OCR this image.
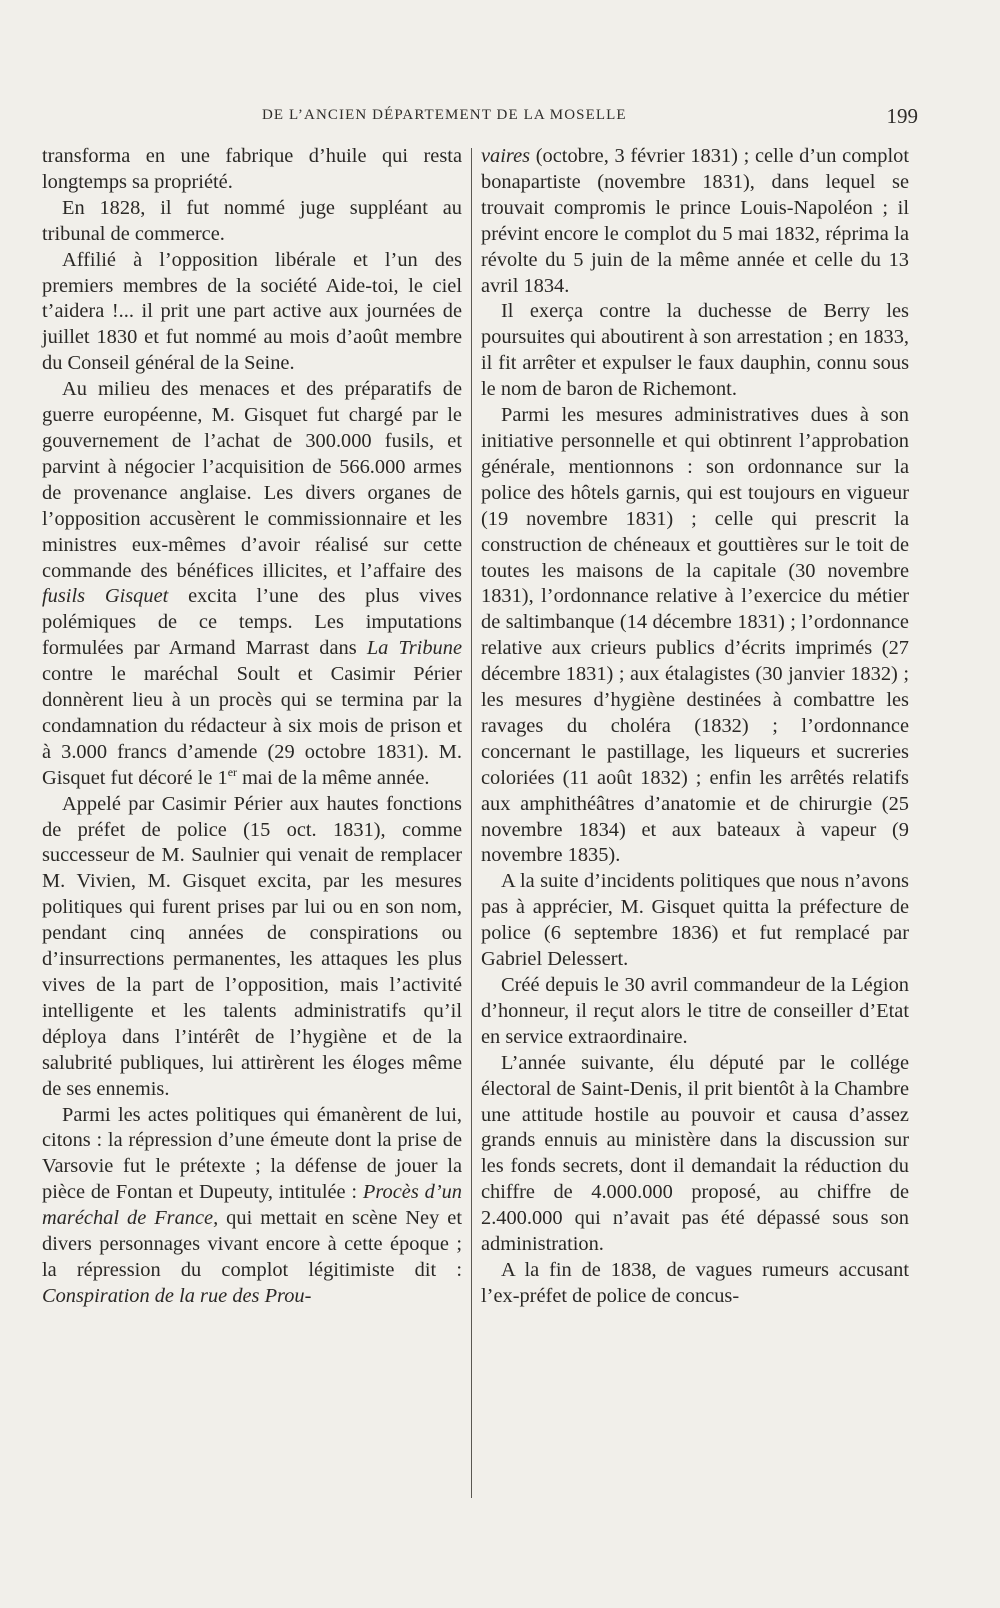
DE L’ANCIEN DÉPARTEMENT DE LA MOSELLE	199

transforma en une fabrique d’huile qui resta longtemps sa propriété.

En 1828, il fut nommé juge suppléant au tribunal de commerce.

Affilié à l’opposition libérale et l’un des premiers membres de la société Aide-toi, le ciel t’aidera !... il prit une part active aux journées de juillet 1830 et fut nommé au mois d’août membre du Conseil général de la Seine.

Au milieu des menaces et des préparatifs de guerre européenne, M. Gisquet fut chargé par le gouvernement de l’achat de 300.000 fusils, et parvint à négocier l’acquisition de 566.000 armes de provenance anglaise. Les divers organes de l’opposition accusèrent le commissionnaire et les ministres eux-mêmes d’avoir réalisé sur cette commande des bénéfices illicites, et l’affaire des fusils Gisquet excita l’une des plus vives polémiques de ce temps. Les imputations formulées par Armand Marrast dans La Tribune contre le maréchal Soult et Casimir Périer donnèrent lieu à un procès qui se termina par la condamnation du rédacteur à six mois de prison et à 3.000 francs d’amende (29 octobre 1831). M. Gisquet fut décoré le 1er mai de la même année.

Appelé par Casimir Périer aux hautes fonctions de préfet de police (15 oct. 1831), comme successeur de M. Saulnier qui venait de remplacer M. Vivien, M. Gisquet excita, par les mesures politiques qui furent prises par lui ou en son nom, pendant cinq années de conspirations ou d’insurrections permanentes, les attaques les plus vives de la part de l’opposition, mais l’activité intelligente et les talents administratifs qu’il déploya dans l’intérêt de l’hygiène et de la salubrité publiques, lui attirèrent les éloges même de ses ennemis.

Parmi les actes politiques qui émanèrent de lui, citons : la répression d’une émeute dont la prise de Varsovie fut le prétexte ; la défense de jouer la pièce de Fontan et Dupeuty, intitulée : Procès d’un maréchal de France, qui mettait en scène Ney et divers personnages vivant encore à cette époque ; la répression du complot légitimiste dit : Conspiration de la rue des Prou-

vaires (octobre, 3 février 1831) ; celle d’un complot bonapartiste (novembre 1831), dans lequel se trouvait compromis le prince Louis-Napoléon ; il prévint encore le complot du 5 mai 1832, réprima la révolte du 5 juin de la même année et celle du 13 avril 1834.

Il exerça contre la duchesse de Berry les poursuites qui aboutirent à son arrestation ; en 1833, il fit arrêter et expulser le faux dauphin, connu sous le nom de baron de Richemont.

Parmi les mesures administratives dues à son initiative personnelle et qui obtinrent l’approbation générale, mentionnons : son ordonnance sur la police des hôtels garnis, qui est toujours en vigueur (19 novembre 1831) ; celle qui prescrit la construction de chéneaux et gouttières sur le toit de toutes les maisons de la capitale (30 novembre 1831), l’ordonnance relative à l’exercice du métier de saltimbanque (14 décembre 1831) ; l’ordonnance relative aux crieurs publics d’écrits imprimés (27 décembre 1831) ; aux étalagistes (30 janvier 1832) ; les mesures d’hygiène destinées à combattre les ravages du choléra (1832) ; l’ordonnance concernant le pastillage, les liqueurs et sucreries coloriées (11 août 1832) ; enfin les arrêtés relatifs aux amphithéâtres d’anatomie et de chirurgie (25 novembre 1834) et aux bateaux à vapeur (9 novembre 1835).

A la suite d’incidents politiques que nous n’avons pas à apprécier, M. Gisquet quitta la préfecture de police (6 septembre 1836) et fut remplacé par Gabriel Delessert.

Créé depuis le 30 avril commandeur de la Légion d’honneur, il reçut alors le titre de conseiller d’Etat en service extraordinaire.

L’année suivante, élu député par le collége électoral de Saint-Denis, il prit bientôt à la Chambre une attitude hostile au pouvoir et causa d’assez grands ennuis au ministère dans la discussion sur les fonds secrets, dont il demandait la réduction du chiffre de 4.000.000 proposé, au chiffre de 2.400.000 qui n’avait pas été dépassé sous son administration.

A la fin de 1838, de vagues rumeurs accusant l’ex-préfet de police de concus-
